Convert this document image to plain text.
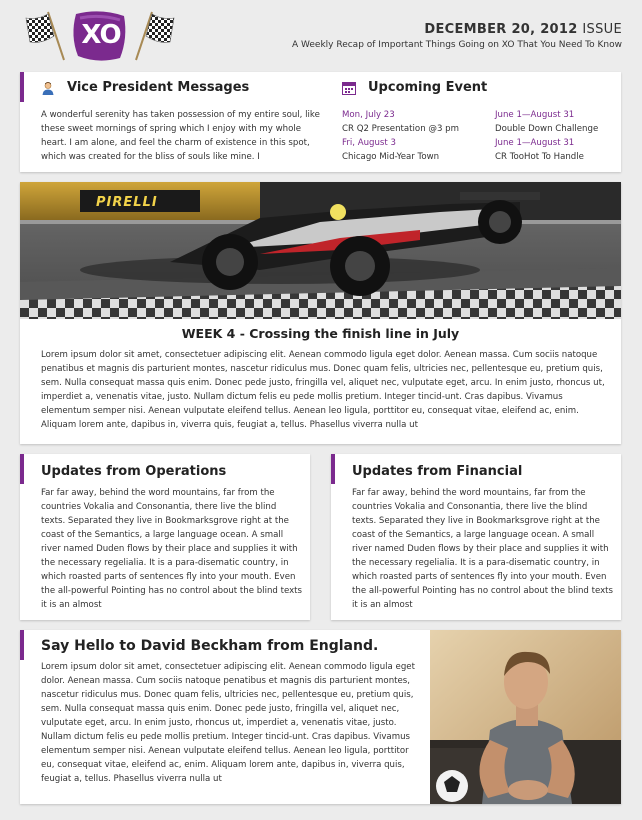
XO	DECEMBER 20, 2012 ISSUE
A Weekly Recap of Important Things Going on XO That You Need To Know
Vice President Messages

A wonderful serenity has taken possession of my entire soul, like these sweet mornings of spring which I enjoy with my whole heart. I am alone, and feel the charm of existence in this spot, which was created for the bliss of souls like mine. I

Upcoming Event
Mon, July 23
CR Q2 Presentation @3 pm
June 1—August 31
Double Down Challenge
Fri, August 3
Chicago Mid-Year Town
June 1—August 31
CR TooHot To Handle
PIRELLI
WEEK 4 - Crossing the finish line in July

Lorem ipsum dolor sit amet, consectetuer adipiscing elit. Aenean commodo ligula eget dolor. Aenean massa. Cum sociis natoque penatibus et magnis dis parturient montes, nascetur ridiculus mus. Donec quam felis, ultricies nec, pellentesque eu, pretium quis, sem. Nulla consequat massa quis enim. Donec pede justo, fringilla vel, aliquet nec, vulputate eget, arcu. In enim justo, rhoncus ut, imperdiet a, venenatis vitae, justo. Nullam dictum felis eu pede mollis pretium. Integer tincid-unt. Cras dapibus. Vivamus elementum semper nisi. Aenean vulputate eleifend tellus. Aenean leo ligula, porttitor eu, consequat vitae, eleifend ac, enim. Aliquam lorem ante, dapibus in, viverra quis, feugiat a, tellus. Phasellus viverra nulla ut

Updates from Operations

Far far away, behind the word mountains, far from the countries Vokalia and Consonantia, there live the blind texts. Separated they live in Bookmarksgrove right at the coast of the Semantics, a large language ocean. A small river named Duden flows by their place and supplies it with the necessary regelialia. It is a para-disematic country, in which roasted parts of sentences fly into your mouth. Even the all-powerful Pointing has no control about the blind texts it is an almost

Updates from Financial

Far far away, behind the word mountains, far from the countries Vokalia and Consonantia, there live the blind texts. Separated they live in Bookmarksgrove right at the coast of the Semantics, a large language ocean. A small river named Duden flows by their place and supplies it with the necessary regelialia. It is a para-disematic country, in which roasted parts of sentences fly into your mouth. Even the all-powerful Pointing has no control about the blind texts it is an almost

Say Hello to David Beckham from England.

Lorem ipsum dolor sit amet, consectetuer adipiscing elit. Aenean commodo ligula eget dolor. Aenean massa. Cum sociis natoque penatibus et magnis dis parturient montes, nascetur ridiculus mus. Donec quam felis, ultricies nec, pellentesque eu, pretium quis, sem. Nulla consequat massa quis enim. Donec pede justo, fringilla vel, aliquet nec, vulputate eget, arcu. In enim justo, rhoncus ut, imperdiet a, venenatis vitae, justo. Nullam dictum felis eu pede mollis pretium. Integer tincid-unt. Cras dapibus. Vivamus elementum semper nisi. Aenean vulputate eleifend tellus. Aenean leo ligula, porttitor eu, consequat vitae, eleifend ac, enim. Aliquam lorem ante, dapibus in, viverra quis, feugiat a, tellus. Phasellus viverra nulla ut
